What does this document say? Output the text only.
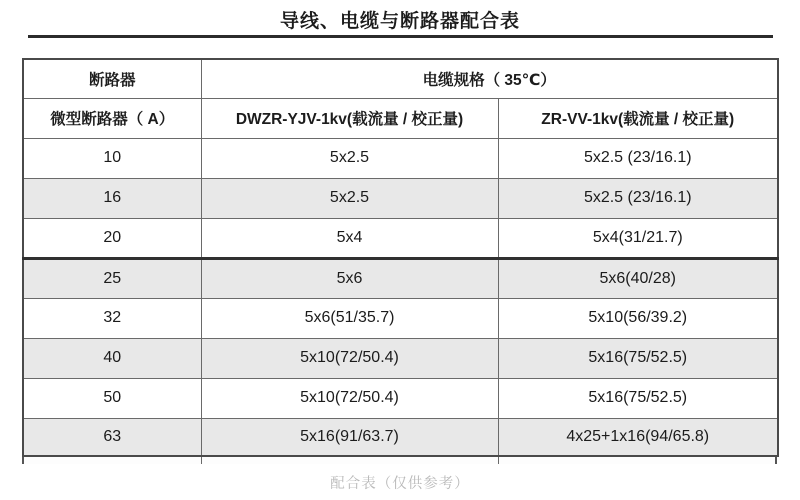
导线、电缆与断路器配合表
断路器	电缆规格（ 35℃）	
微型断路器（ A）	DWZR-YJV-1kv(载流量 / 校正量)	ZR-VV-1kv(载流量 / 校正量)
10	5x2.5	5x2.5 (23/16.1)
16	5x2.5	5x2.5 (23/16.1)
20	5x4	5x4(31/21.7)
25	5x6	5x6(40/28)
32	5x6(51/35.7)	5x10(56/39.2)
40	5x10(72/50.4)	5x16(75/52.5)
50	5x10(72/50.4)	5x16(75/52.5)
63	5x16(91/63.7)	4x25+1x16(94/65.8)
配合表（仅供参考）
